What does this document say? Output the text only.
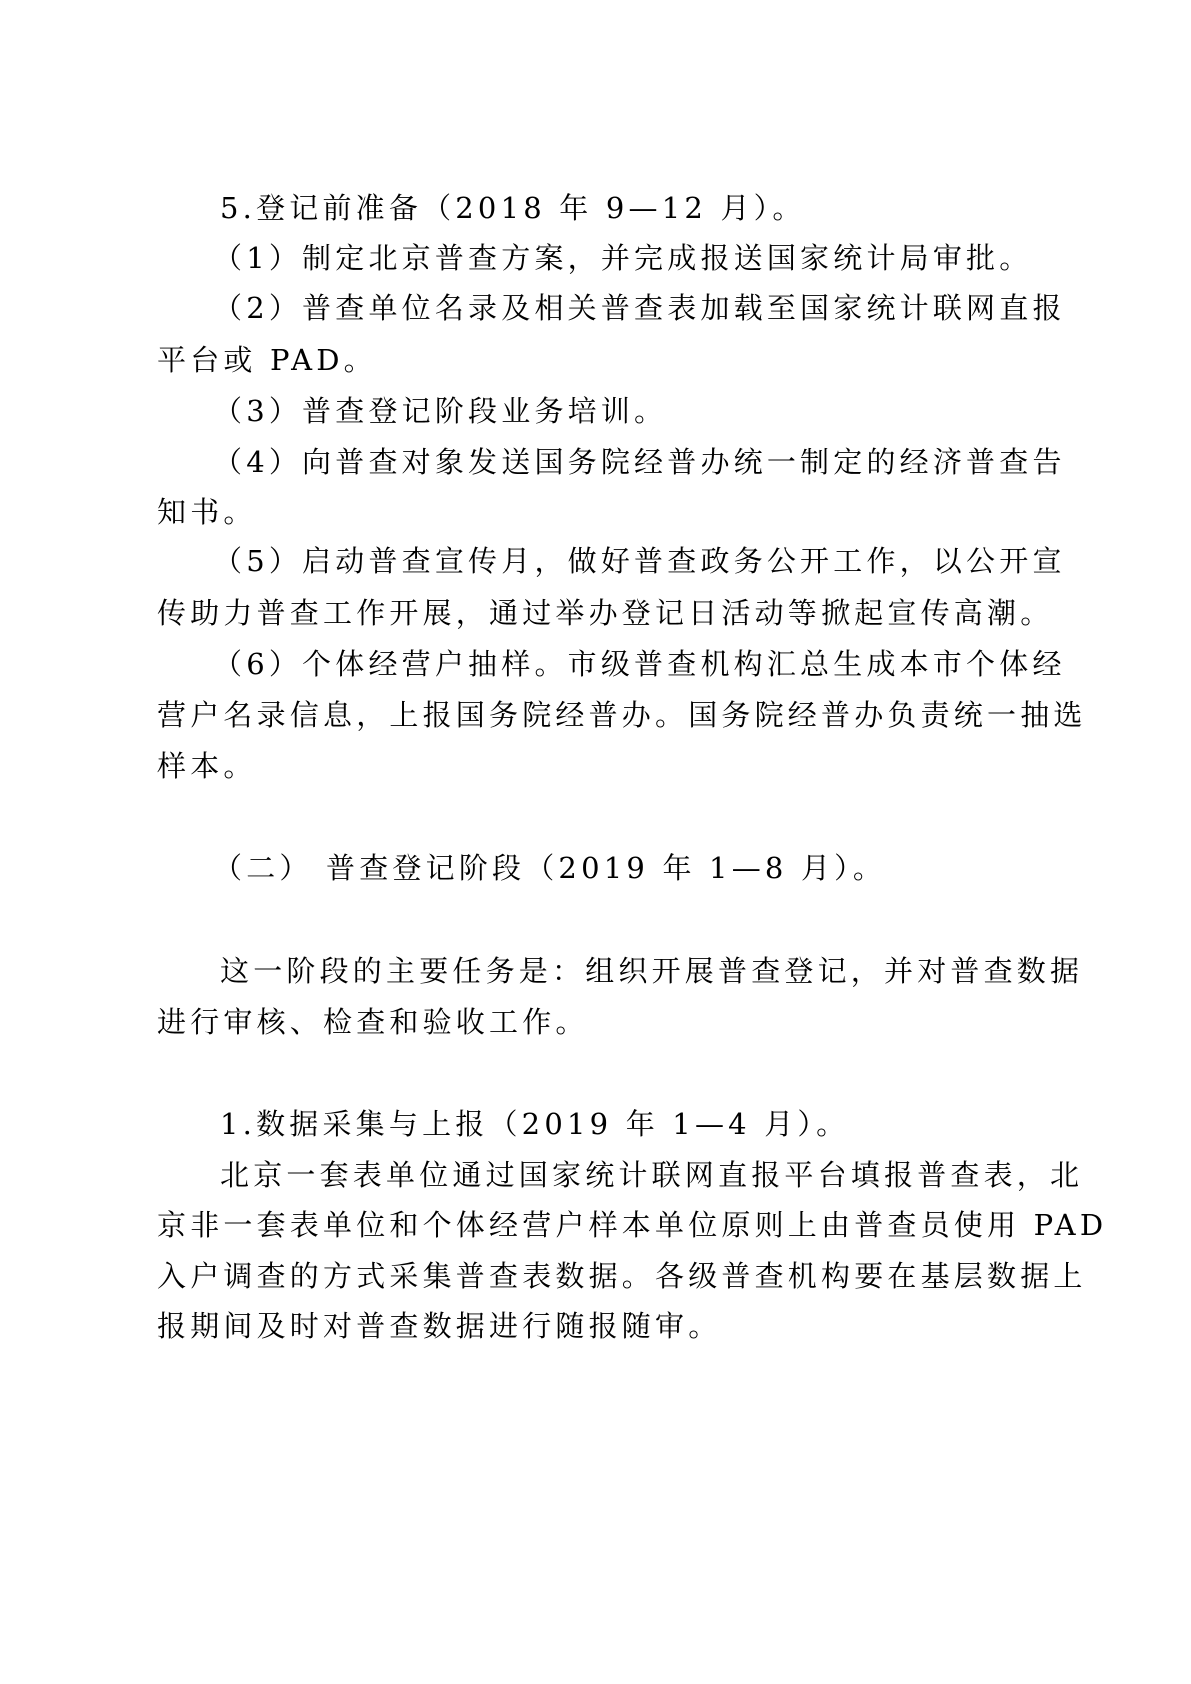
5.登记前准备（2018 年 9—12 月）。
（1）制定北京普查方案，并完成报送国家统计局审批。
（2）普查单位名录及相关普查表加载至国家统计联网直报
平台或 PAD。
（3）普查登记阶段业务培训。
（4）向普查对象发送国务院经普办统一制定的经济普查告
知书。
（5）启动普查宣传月，做好普查政务公开工作，以公开宣
传助力普查工作开展，通过举办登记日活动等掀起宣传高潮。
（6）个体经营户抽样。市级普查机构汇总生成本市个体经
营户名录信息，上报国务院经普办。国务院经普办负责统一抽选
样本。
（二） 普查登记阶段（2019 年 1—8 月）。
这一阶段的主要任务是：组织开展普查登记，并对普查数据
进行审核、检查和验收工作。
1.数据采集与上报（2019 年 1—4 月）。
北京一套表单位通过国家统计联网直报平台填报普查表，北
京非一套表单位和个体经营户样本单位原则上由普查员使用 PAD
入户调查的方式采集普查表数据。各级普查机构要在基层数据上
报期间及时对普查数据进行随报随审。
